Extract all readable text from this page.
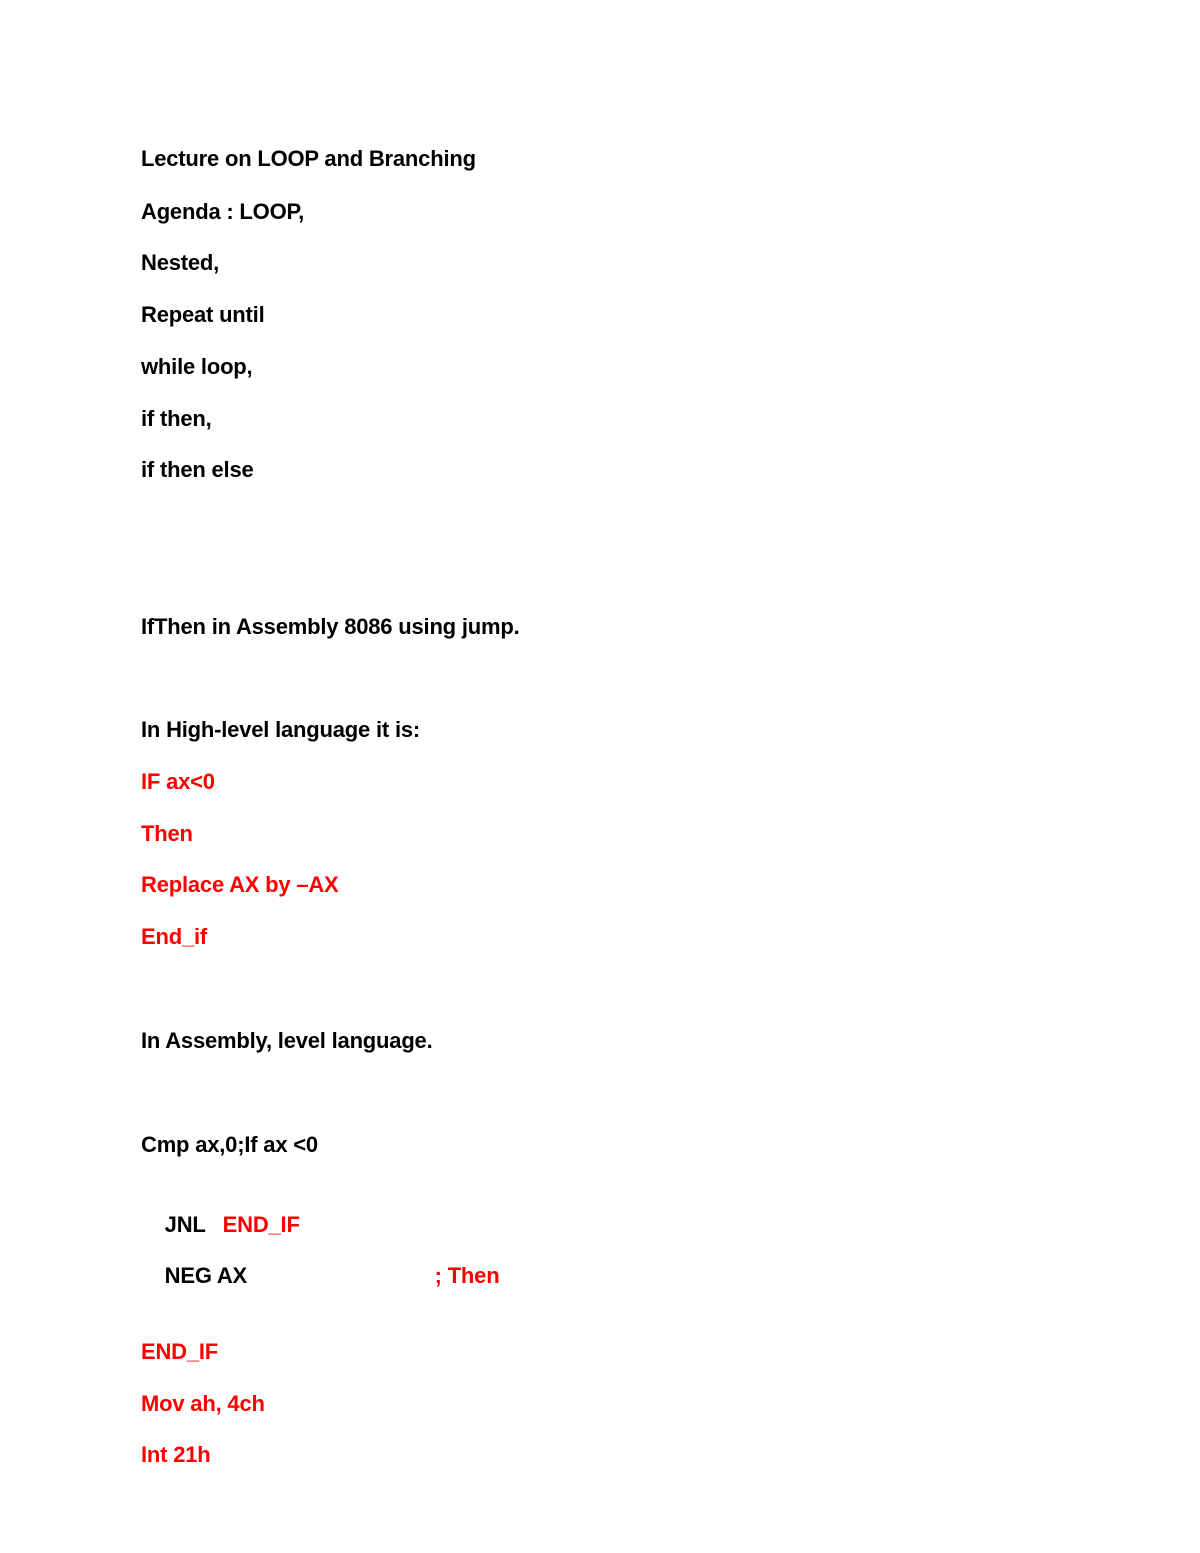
Lecture on LOOP and Branching
Agenda : LOOP,
Nested,
Repeat until
while loop,
if then,
if then else
IfThen in Assembly 8086 using jump.
In High-level language it is:
IF ax<0
Then
Replace AX by –AX
End_if
In Assembly, level language.
Cmp ax,0;If ax <0

JNL END_IF

NEG AX	; Then

END_IF
Mov ah, 4ch
Int 21h
